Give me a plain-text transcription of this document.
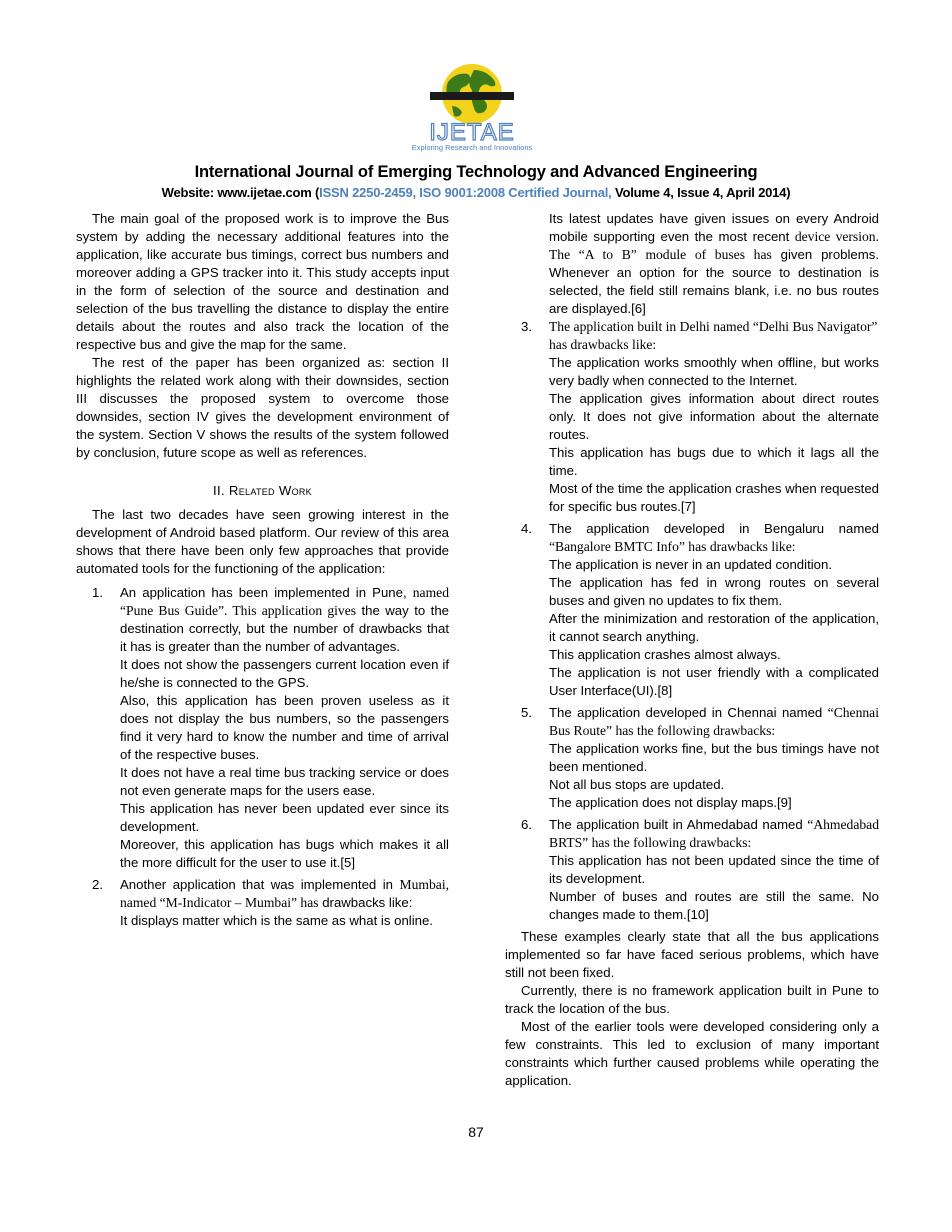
IJETAE
Exploring Research and Innovations
International Journal of Emerging Technology and Advanced Engineering
Website: www.ijetae.com (ISSN 2250-2459, ISO 9001:2008 Certified Journal, Volume 4, Issue 4, April 2014)

The main goal of the proposed work is to improve the Bus system by adding the necessary additional features into the application, like accurate bus timings, correct bus numbers and moreover adding a GPS tracker into it. This study accepts input in the form of selection of the source and destination and selection of the bus travelling the distance to display the entire details about the routes and also track the location of the respective bus and give the map for the same.

The rest of the paper has been organized as: section II highlights the related work along with their downsides, section III discusses the proposed system to overcome those downsides, section IV gives the development environment of the system. Section V shows the results of the system followed by conclusion, future scope as well as references.

II. Related Work

The last two decades have seen growing interest in the development of Android based platform. Our review of this area shows that there have been only few approaches that provide automated tools for the functioning of the application:

1. An application has been implemented in Pune, named “Pune Bus Guide”. This application gives the way to the destination correctly, but the number of drawbacks that it has is greater than the number of advantages.

It does not show the passengers current location even if he/she is connected to the GPS.

Also, this application has been proven useless as it does not display the bus numbers, so the passengers find it very hard to know the number and time of arrival of the respective buses.

It does not have a real time bus tracking service or does not even generate maps for the users ease.

This application has never been updated ever since its development.

Moreover, this application has bugs which makes it all the more difficult for the user to use it.[5]

2. Another application that was implemented in Mumbai, named “M-Indicator – Mumbai” has drawbacks like:

It displays matter which is the same as what is online.

Its latest updates have given issues on every Android mobile supporting even the most recent device version. The “A to B” module of buses has given problems. Whenever an option for the source to destination is selected, the field still remains blank, i.e. no bus routes are displayed.[6]

3. The application built in Delhi named “Delhi Bus Navigator” has drawbacks like:

The application works smoothly when offline, but works very badly when connected to the Internet.

The application gives information about direct routes only. It does not give information about the alternate routes.

This application has bugs due to which it lags all the time.

Most of the time the application crashes when requested for specific bus routes.[7]

4. The application developed in Bengaluru named “Bangalore BMTC Info” has drawbacks like:

The application is never in an updated condition.

The application has fed in wrong routes on several buses and given no updates to fix them.

After the minimization and restoration of the application, it cannot search anything.

This application crashes almost always.

The application is not user friendly with a complicated User Interface(UI).[8]

5. The application developed in Chennai named “Chennai Bus Route” has the following drawbacks:

The application works fine, but the bus timings have not been mentioned.

Not all bus stops are updated.

The application does not display maps.[9]

6. The application built in Ahmedabad named “Ahmedabad BRTS” has the following drawbacks:

This application has not been updated since the time of its development.

Number of buses and routes are still the same. No changes made to them.[10]

These examples clearly state that all the bus applications implemented so far have faced serious problems, which have still not been fixed.

Currently, there is no framework application built in Pune to track the location of the bus.

Most of the earlier tools were developed considering only a few constraints. This led to exclusion of many important constraints which further caused problems while operating the application.

87
